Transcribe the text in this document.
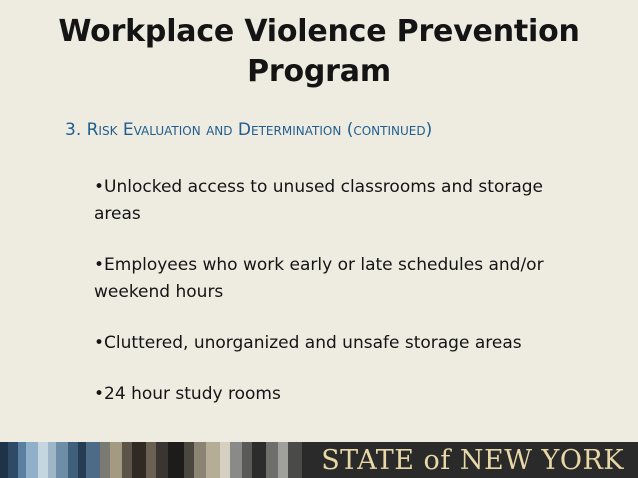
Workplace Violence Prevention Program
3. Risk Evaluation and Determination (continued)
•Unlocked access to unused classrooms and storage areas
•Employees who work early or late schedules and/or weekend hours
•Cluttered, unorganized and unsafe storage areas
•24 hour study rooms
STATE of NEW YORK
